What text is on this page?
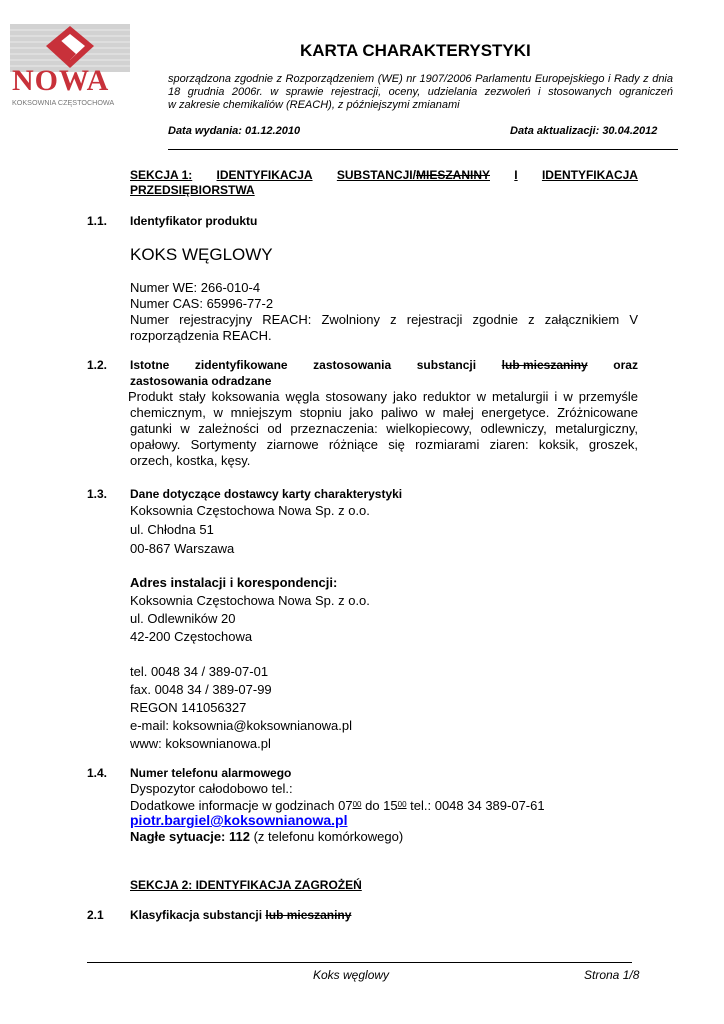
NOWA
KOKSOWNIA CZĘSTOCHOWA
KARTA CHARAKTERYSTYKI
sporządzona zgodnie z Rozporządzeniem (WE) nr 1907/2006 Parlamentu Europejskiego i Rady z dnia
18 grudnia 2006r. w sprawie rejestracji, oceny, udzielania zezwoleń i stosowanych ograniczeń
w zakresie chemikaliów (REACH), z późniejszymi zmianami
Data wydania: 01.12.2010	Data aktualizacji: 30.04.2012
SEKCJA 1: IDENTYFIKACJA SUBSTANCJI/MIESZANINY I IDENTYFIKACJA
PRZEDSIĘBIORSTWA
1.1. Identyfikator produktu
KOKS WĘGLOWY
Numer WE: 266-010-4
Numer CAS: 65996-77-2
Numer rejestracyjny REACH: Zwolniony z rejestracji zgodnie z załącznikiem V
rozporządzenia REACH.
1.2. Istotne zidentyfikowane zastosowania substancji lub mieszaniny oraz
zastosowania odradzane
Produkt stały koksowania węgla stosowany jako reduktor w metalurgii i w przemyśle
chemicznym, w mniejszym stopniu jako paliwo w małej energetyce. Zróżnicowane
gatunki w zależności od przeznaczenia: wielkopiecowy, odlewniczy, metalurgiczny,
opałowy. Sortymenty ziarnowe różniące się rozmiarami ziaren: koksik, groszek,
orzech, kostka, kęsy.
1.3. Dane dotyczące dostawcy karty charakterystyki
Koksownia Częstochowa Nowa Sp. z o.o.
ul. Chłodna 51
00-867 Warszawa
Adres instalacji i korespondencji:
Koksownia Częstochowa Nowa Sp. z o.o.
ul. Odlewników 20
42-200 Częstochowa
tel. 0048 34 / 389-07-01
fax. 0048 34 / 389-07-99
REGON 141056327
e-mail: koksownia@koksownianowa.pl
www: koksownianowa.pl
1.4. Numer telefonu alarmowego
Dyspozytor całodobowo tel.:
Dodatkowe informacje w godzinach $07^{00}$ do $15^{00}$ tel.: 0048 34 389-07-61
piotr.bargiel@koksownianowa.pl
Nagłe sytuacje: 112 (z telefonu komórkowego)
SEKCJA 2: IDENTYFIKACJA ZAGROŻEŃ
2.1 Klasyfikacja substancji lub mieszaniny
Koks węglowy	Strona 1/8
